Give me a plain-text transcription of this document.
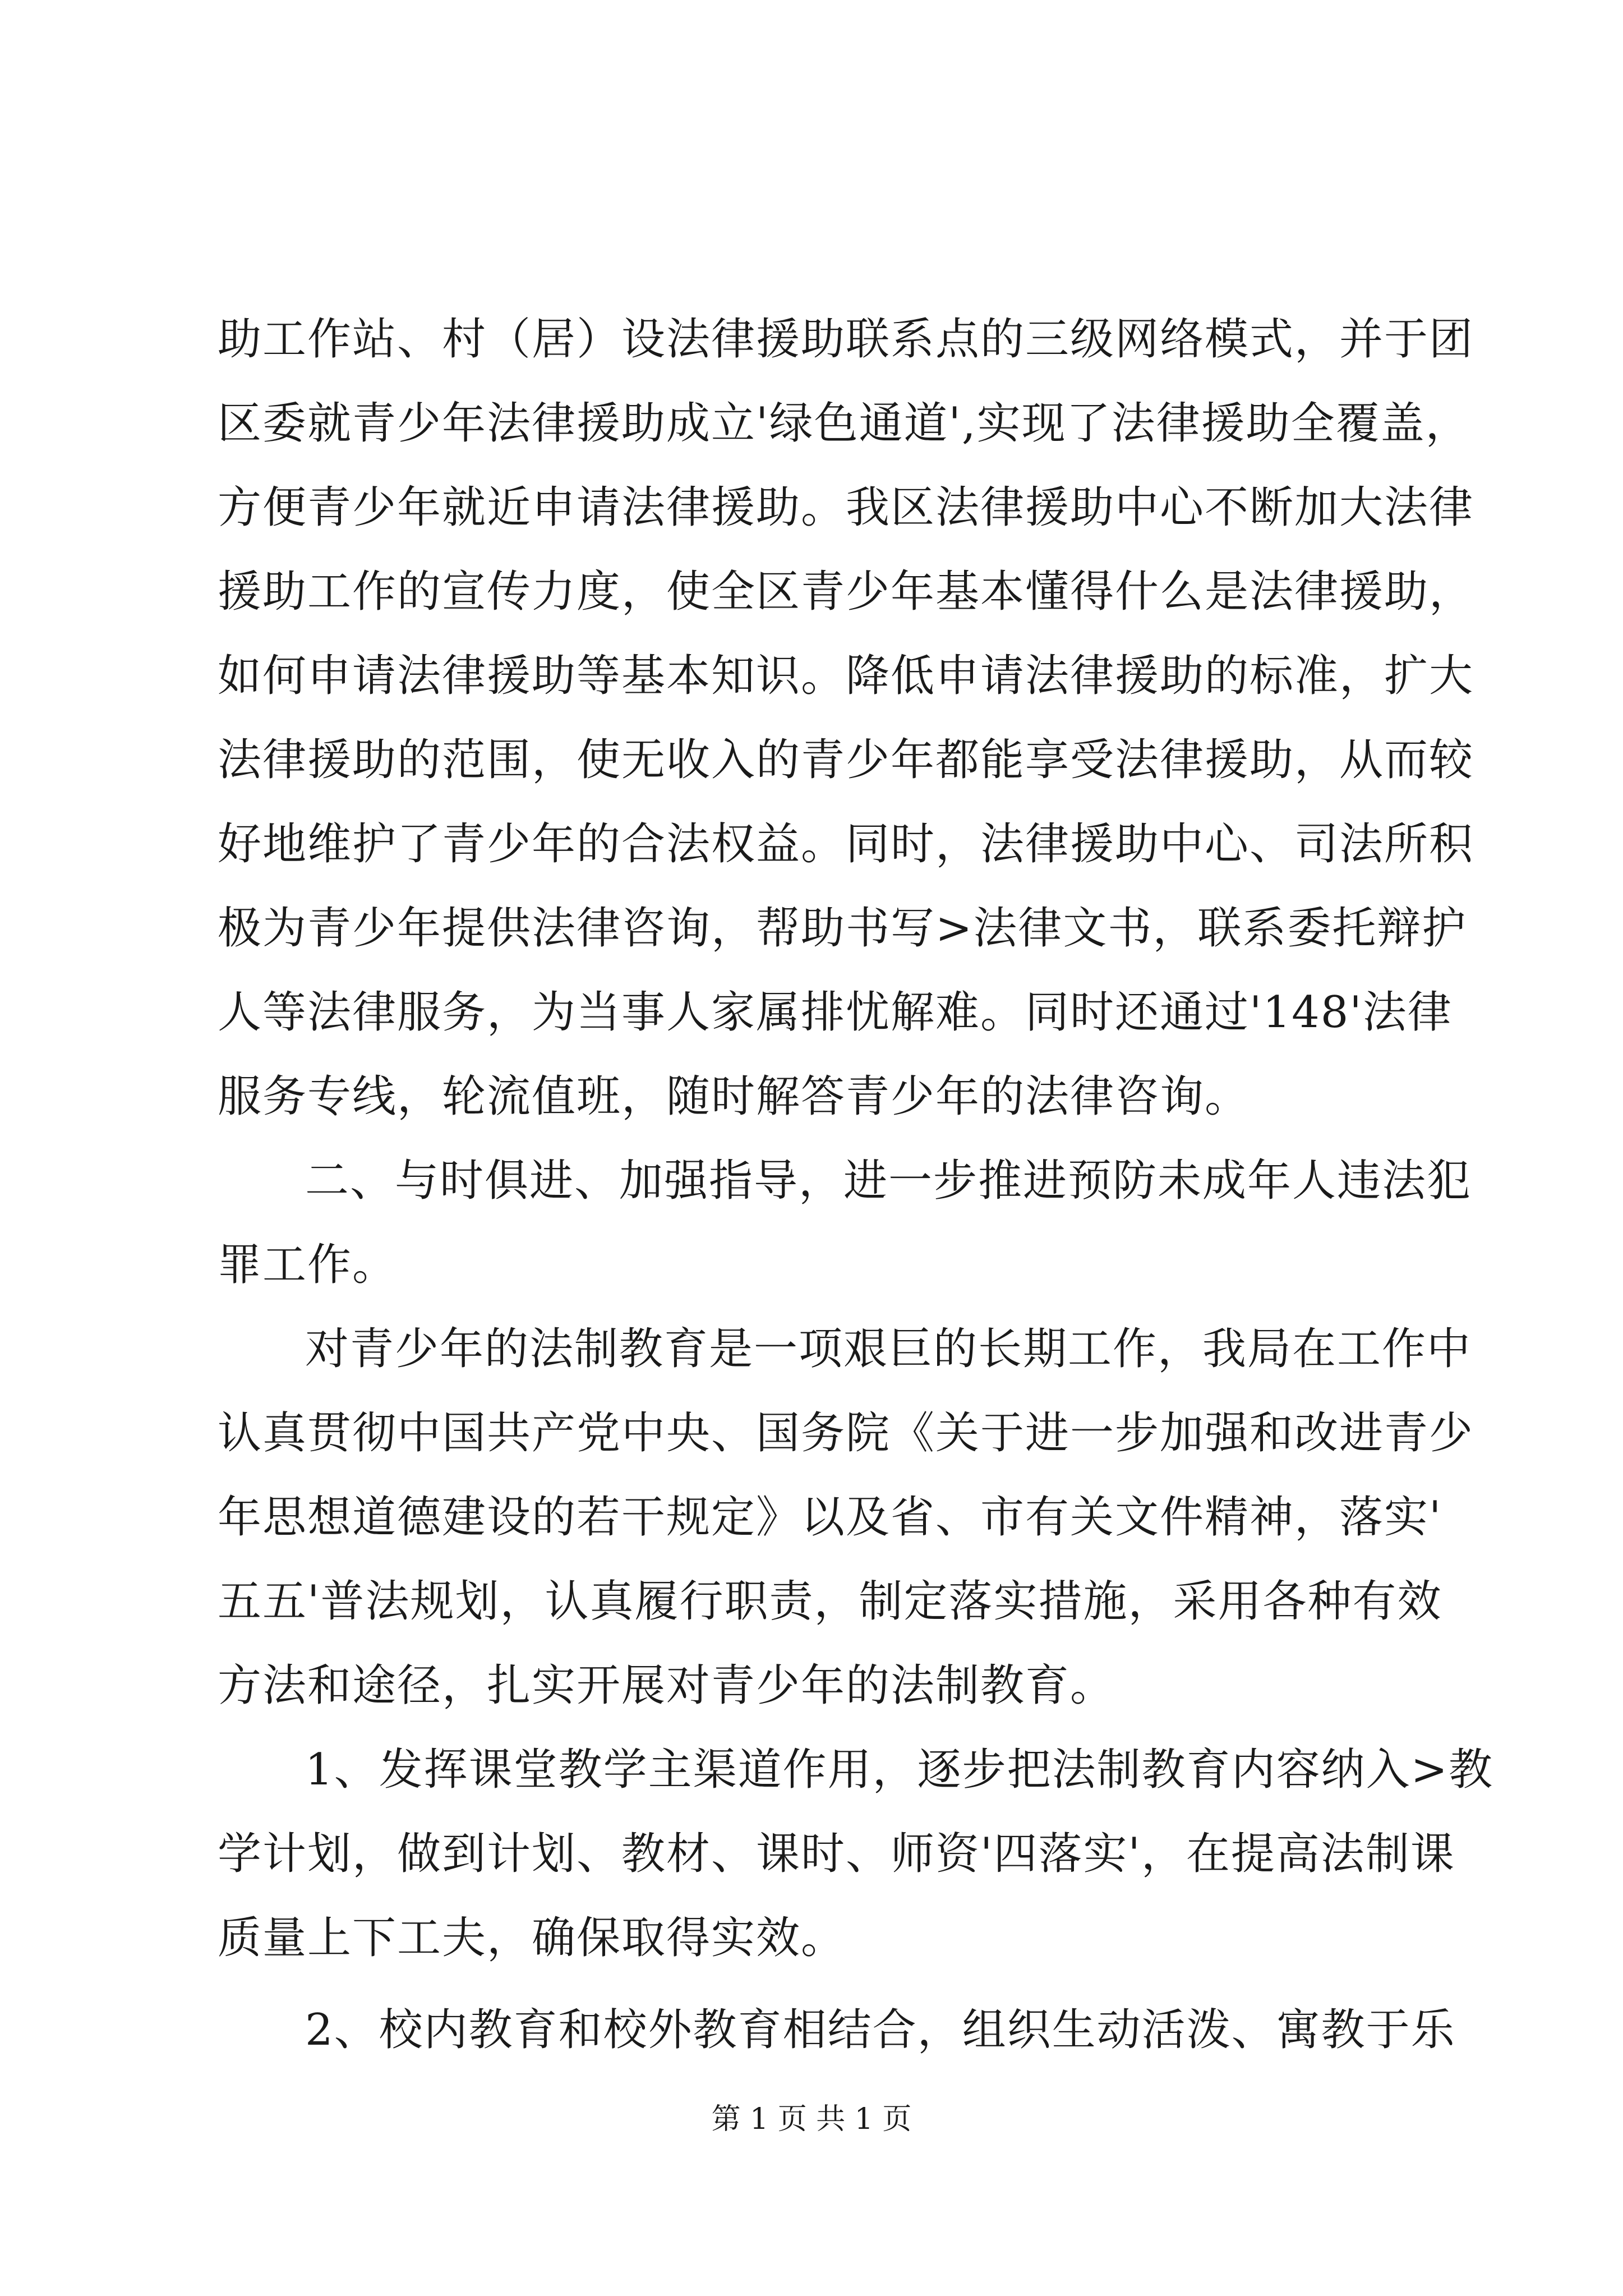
助工作站、村（居）设法律援助联系点的三级网络模式，并于团
区委就青少年法律援助成立'绿色通道',实现了法律援助全覆盖，
方便青少年就近申请法律援助。我区法律援助中心不断加大法律
援助工作的宣传力度，使全区青少年基本懂得什么是法律援助，
如何申请法律援助等基本知识。降低申请法律援助的标准，扩大
法律援助的范围，使无收入的青少年都能享受法律援助，从而较
好地维护了青少年的合法权益。同时，法律援助中心、司法所积
极为青少年提供法律咨询，帮助书写>法律文书，联系委托辩护
人等法律服务，为当事人家属排忧解难。同时还通过'148'法律
服务专线，轮流值班，随时解答青少年的法律咨询。
二、与时俱进、加强指导，进一步推进预防未成年人违法犯
罪工作。
对青少年的法制教育是一项艰巨的长期工作，我局在工作中
认真贯彻中国共产党中央、国务院《关于进一步加强和改进青少
年思想道德建设的若干规定》以及省、市有关文件精神，落实'
五五'普法规划，认真履行职责，制定落实措施，采用各种有效
方法和途径，扎实开展对青少年的法制教育。
1、发挥课堂教学主渠道作用，逐步把法制教育内容纳入>教
学计划，做到计划、教材、课时、师资'四落实'，在提高法制课
质量上下工夫，确保取得实效。
2、校内教育和校外教育相结合，组织生动活泼、寓教于乐
第 1 页 共 1 页
